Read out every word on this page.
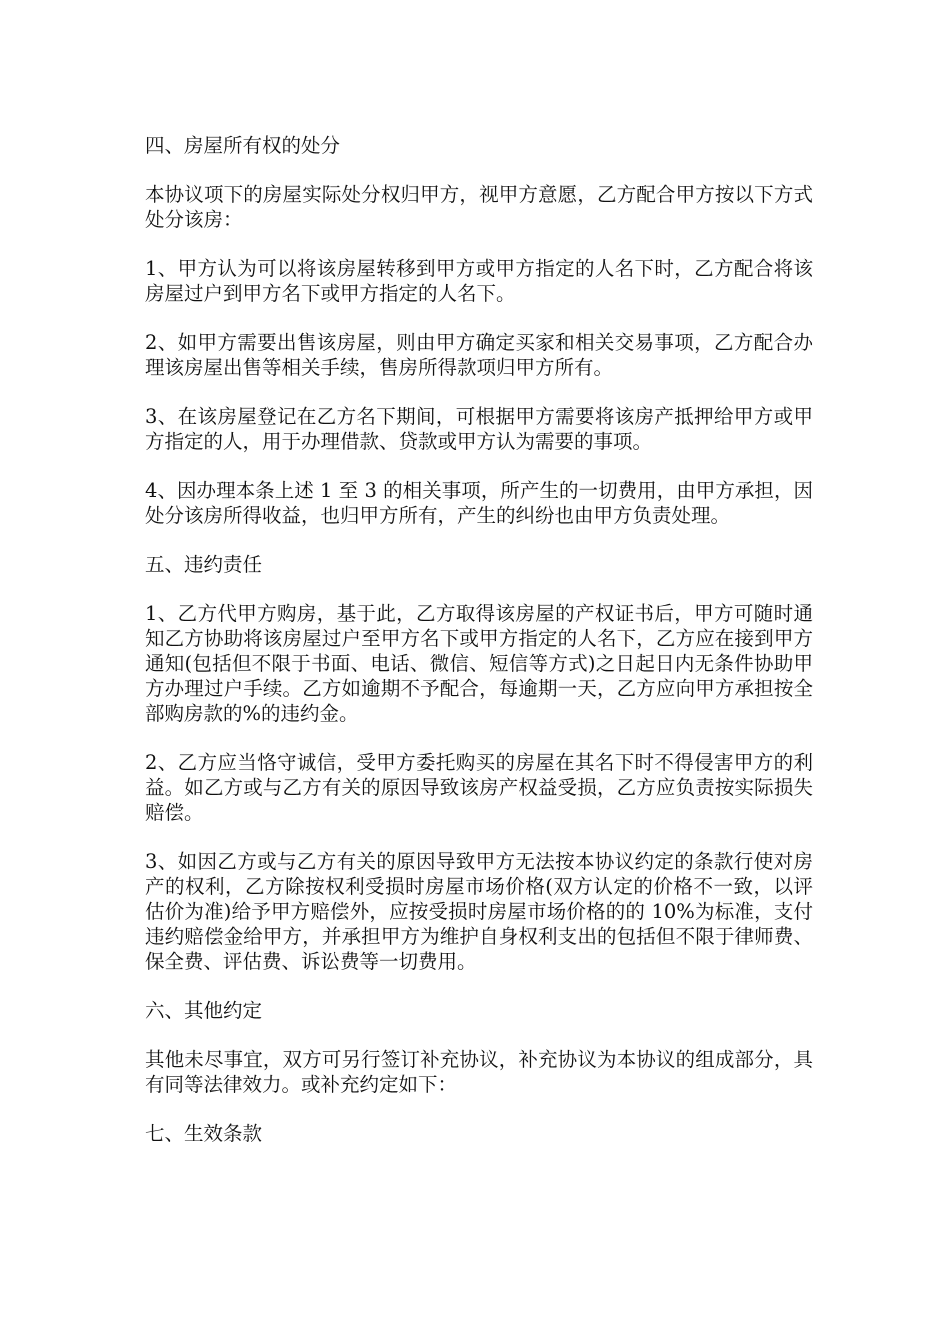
四、房屋所有权的处分

本协议项下的房屋实际处分权归甲方，视甲方意愿，乙方配合甲方按以下方式处分该房：

1、甲方认为可以将该房屋转移到甲方或甲方指定的人名下时，乙方配合将该房屋过户到甲方名下或甲方指定的人名下。

2、如甲方需要出售该房屋，则由甲方确定买家和相关交易事项，乙方配合办理该房屋出售等相关手续，售房所得款项归甲方所有。

3、在该房屋登记在乙方名下期间，可根据甲方需要将该房产抵押给甲方或甲方指定的人，用于办理借款、贷款或甲方认为需要的事项。

4、因办理本条上述 1 至 3 的相关事项，所产生的一切费用，由甲方承担，因处分该房所得收益，也归甲方所有，产生的纠纷也由甲方负责处理。

五、违约责任

1、乙方代甲方购房，基于此，乙方取得该房屋的产权证书后，甲方可随时通知乙方协助将该房屋过户至甲方名下或甲方指定的人名下，乙方应在接到甲方通知(包括但不限于书面、电话、微信、短信等方式)之日起日内无条件协助甲方办理过户手续。乙方如逾期不予配合，每逾期一天，乙方应向甲方承担按全部购房款的%的违约金。

2、乙方应当恪守诚信，受甲方委托购买的房屋在其名下时不得侵害甲方的利益。如乙方或与乙方有关的原因导致该房产权益受损，乙方应负责按实际损失赔偿。

3、如因乙方或与乙方有关的原因导致甲方无法按本协议约定的条款行使对房产的权利，乙方除按权利受损时房屋市场价格(双方认定的价格不一致，以评估价为准)给予甲方赔偿外，应按受损时房屋市场价格的的 10%为标准，支付违约赔偿金给甲方，并承担甲方为维护自身权利支出的包括但不限于律师费、保全费、评估费、诉讼费等一切费用。

六、其他约定

其他未尽事宜，双方可另行签订补充协议，补充协议为本协议的组成部分，具有同等法律效力。或补充约定如下：

七、生效条款
